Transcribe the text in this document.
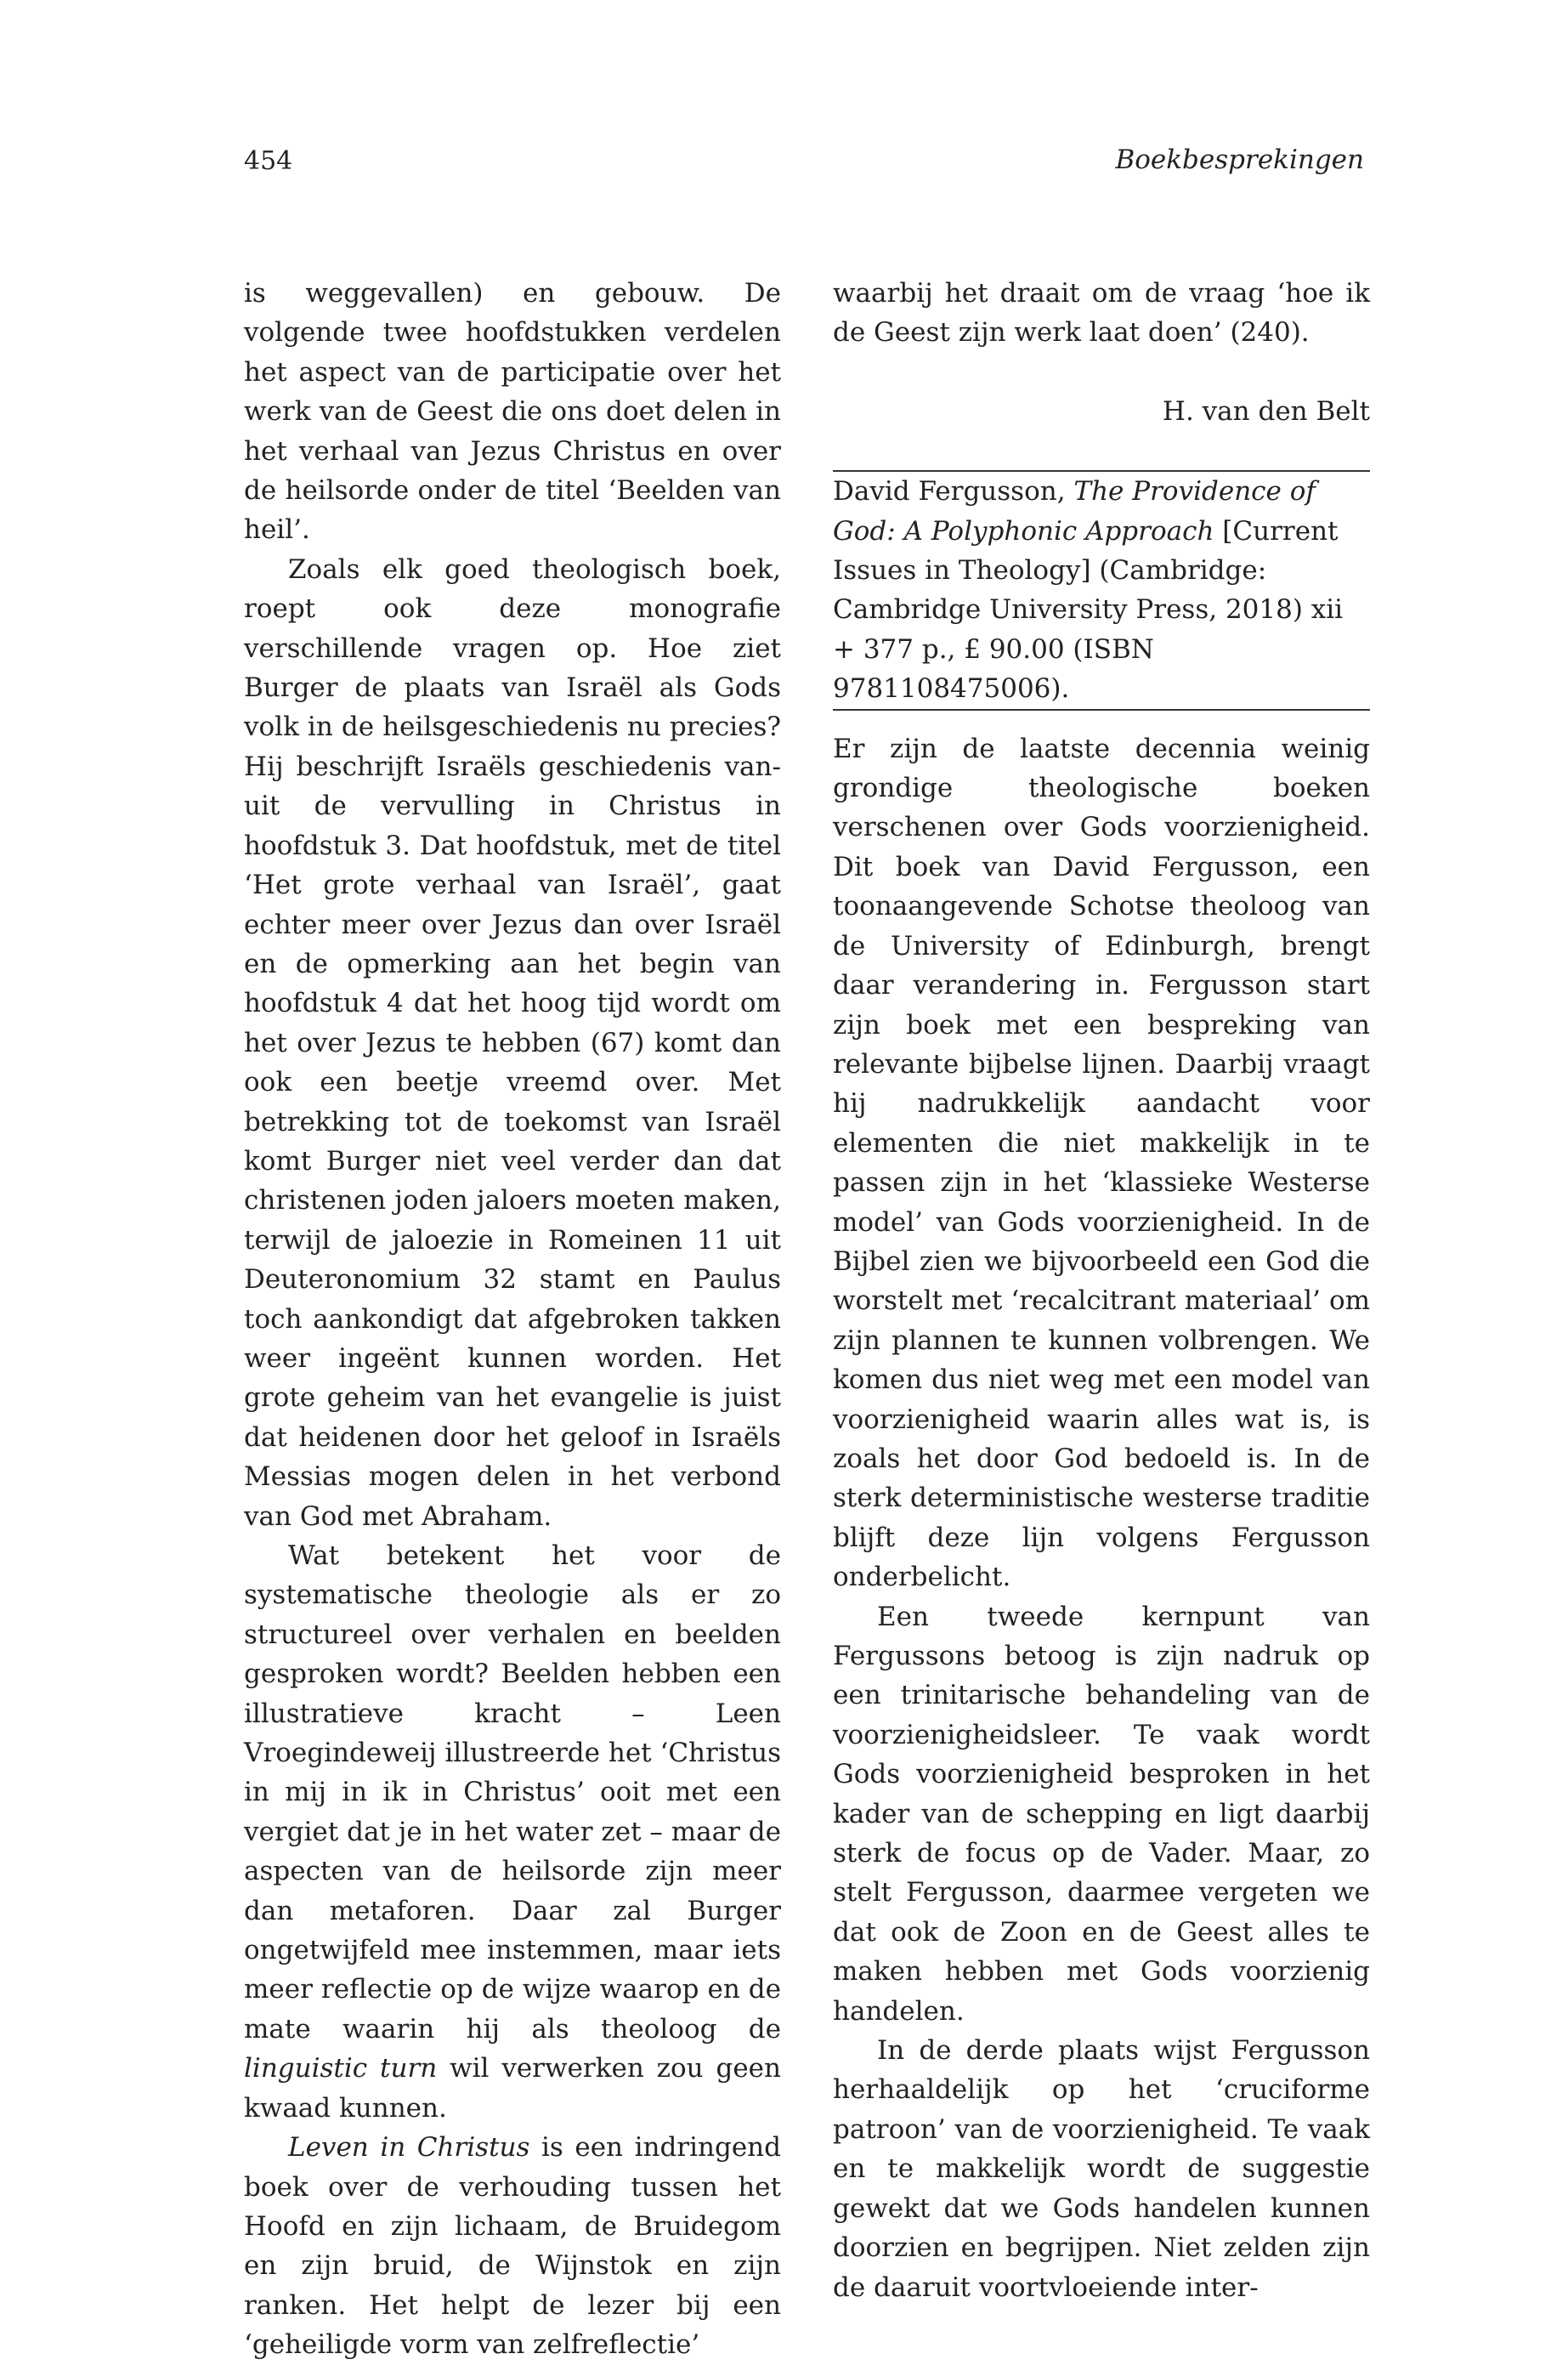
454	Boekbesprekingen

is weggevallen) en gebouw. De volgende twee hoofdstukken verdelen het aspect van de participatie over het werk van de Geest die ons doet delen in het verhaal van Jezus Christus en over de heilsorde onder de titel ‘Beelden van heil’.

Zoals elk goed theologisch boek, roept ook deze monografie verschillende vragen op. Hoe ziet Burger de plaats van Israël als Gods volk in de heilsgeschiedenis nu precies? Hij beschrijft Israëls geschiedenis vanuit de vervulling in Christus in hoofdstuk 3. Dat hoofdstuk, met de titel ‘Het grote verhaal van Israël’, gaat echter meer over Jezus dan over Israël en de opmerking aan het begin van hoofdstuk 4 dat het hoog tijd wordt om het over Jezus te hebben (67) komt dan ook een beetje vreemd over. Met betrekking tot de toekomst van Israël komt Burger niet veel verder dan dat christenen joden jaloers moeten maken, terwijl de jaloezie in Romeinen 11 uit Deuteronomium 32 stamt en Paulus toch aankondigt dat afgebroken takken weer ingeënt kunnen worden. Het grote geheim van het evangelie is juist dat heidenen door het geloof in Israëls Messias mogen delen in het verbond van God met Abraham.

Wat betekent het voor de systematische theologie als er zo structureel over verhalen en beelden gesproken wordt? Beelden hebben een illustratieve kracht – Leen Vroegindeweij illustreerde het ‘Christus in mij in ik in Christus’ ooit met een vergiet dat je in het water zet – maar de aspecten van de heilsorde zijn meer dan metaforen. Daar zal Burger ongetwijfeld mee instemmen, maar iets meer reflectie op de wijze waarop en de mate waarin hij als theoloog de linguistic turn wil verwerken zou geen kwaad kunnen.

Leven in Christus is een indringend boek over de verhouding tussen het Hoofd en zijn lichaam, de Bruidegom en zijn bruid, de Wijnstok en zijn ranken. Het helpt de lezer bij een ‘geheiligde vorm van zelfreflectie’

waarbij het draait om de vraag ‘hoe ik de Geest zijn werk laat doen’ (240).

H. van den Belt

David Fergusson, The Providence of God: A Polyphonic Approach [Current Issues in Theology] (Cambridge: Cambridge University Press, 2018) xii + 377 p., £ 90.00 (ISBN 9781108475006).

Er zijn de laatste decennia weinig grondige theologische boeken verschenen over Gods voorzienigheid. Dit boek van David Fergusson, een toonaangevende Schotse theoloog van de University of Edinburgh, brengt daar verandering in. Fergusson start zijn boek met een bespreking van relevante bijbelse lijnen. Daarbij vraagt hij nadrukkelijk aandacht voor elementen die niet makkelijk in te passen zijn in het ‘klassieke Westerse model’ van Gods voorzienigheid. In de Bijbel zien we bijvoorbeeld een God die worstelt met ‘recalcitrant materiaal’ om zijn plannen te kunnen volbrengen. We komen dus niet weg met een model van voorzienigheid waarin alles wat is, is zoals het door God bedoeld is. In de sterk deterministische westerse traditie blijft deze lijn volgens Fergusson onderbelicht.

Een tweede kernpunt van Fergussons betoog is zijn nadruk op een trinitarische behandeling van de voorzienigheidsleer. Te vaak wordt Gods voorzienigheid besproken in het kader van de schepping en ligt daarbij sterk de focus op de Vader. Maar, zo stelt Fergusson, daarmee vergeten we dat ook de Zoon en de Geest alles te maken hebben met Gods voorzienig handelen.

In de derde plaats wijst Fergusson herhaaldelijk op het ‘cruciforme patroon’ van de voorzienigheid. Te vaak en te makkelijk wordt de suggestie gewekt dat we Gods handelen kunnen doorzien en begrijpen. Niet zelden zijn de daaruit voortvloeiende inter-
